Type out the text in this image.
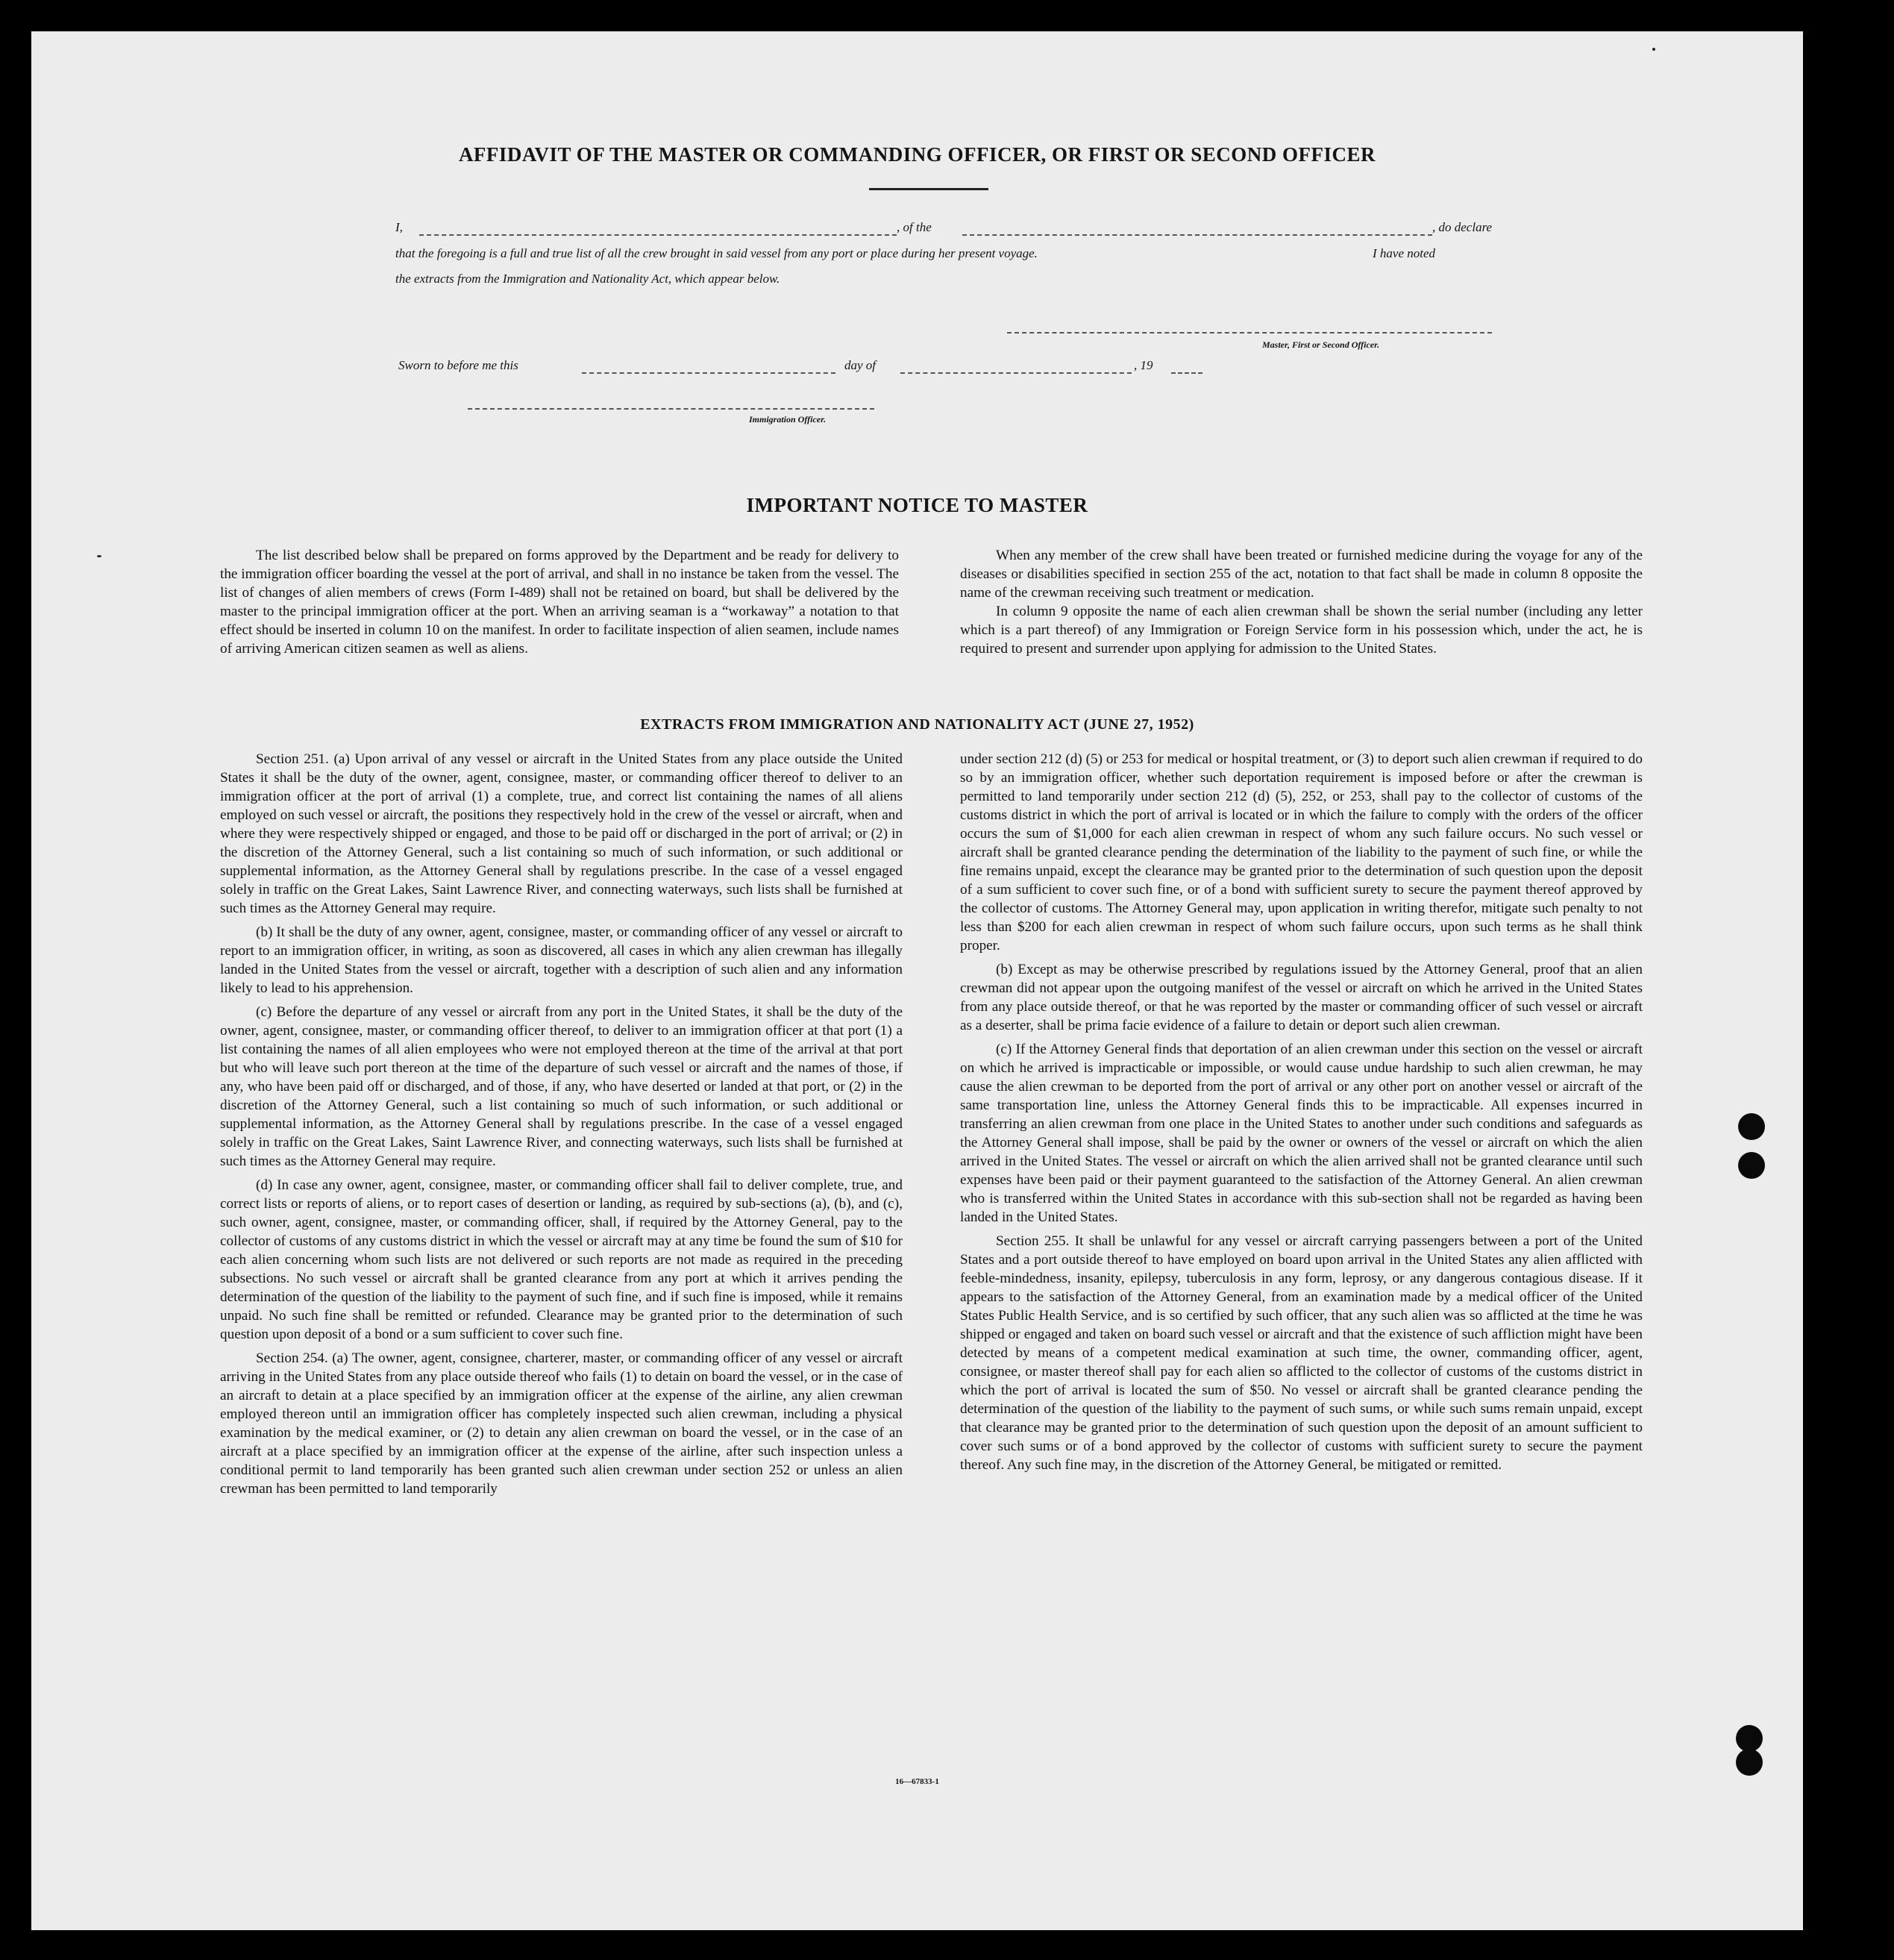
AFFIDAVIT OF THE MASTER OR COMMANDING OFFICER, OR FIRST OR SECOND OFFICER
I,	, of the	, do declare
that the foregoing is a full and true list of all the crew brought in said vessel from any port or place during her present voyage.	I have noted
the extracts from the Immigration and Nationality Act, which appear below.
Master, First or Second Officer.
Sworn to before me this	day of	, 19
Immigration Officer.
IMPORTANT NOTICE TO MASTER

The list described below shall be prepared on forms approved by the Department and be ready for delivery to the immigration officer boarding the vessel at the port of arrival, and shall in no instance be taken from the vessel. The list of changes of alien members of crews (Form I-489) shall not be retained on board, but shall be delivered by the master to the principal immigration officer at the port. When an arriving seaman is a “workaway” a notation to that effect should be inserted in column 10 on the manifest. In order to facilitate inspection of alien seamen, include names of arriving American citizen seamen as well as aliens.

When any member of the crew shall have been treated or furnished medicine during the voyage for any of the diseases or disabilities specified in section 255 of the act, notation to that fact shall be made in column 8 opposite the name of the crewman receiving such treatment or medication.

In column 9 opposite the name of each alien crewman shall be shown the serial number (including any letter which is a part thereof) of any Immigration or Foreign Service form in his possession which, under the act, he is required to present and surrender upon applying for admission to the United States.

EXTRACTS FROM IMMIGRATION AND NATIONALITY ACT (JUNE 27, 1952)

Section 251. (a) Upon arrival of any vessel or aircraft in the United States from any place outside the United States it shall be the duty of the owner, agent, consignee, master, or commanding officer thereof to deliver to an immigration officer at the port of arrival (1) a complete, true, and correct list containing the names of all aliens employed on such vessel or aircraft, the positions they respectively hold in the crew of the vessel or aircraft, when and where they were respectively shipped or engaged, and those to be paid off or discharged in the port of arrival; or (2) in the discretion of the Attorney General, such a list containing so much of such information, or such additional or supplemental information, as the Attorney General shall by regulations prescribe. In the case of a vessel engaged solely in traffic on the Great Lakes, Saint Lawrence River, and connecting waterways, such lists shall be furnished at such times as the Attorney General may require.

(b) It shall be the duty of any owner, agent, consignee, master, or commanding officer of any vessel or aircraft to report to an immigration officer, in writing, as soon as discovered, all cases in which any alien crewman has illegally landed in the United States from the vessel or aircraft, together with a description of such alien and any information likely to lead to his apprehension.

(c) Before the departure of any vessel or aircraft from any port in the United States, it shall be the duty of the owner, agent, consignee, master, or commanding officer thereof, to deliver to an immigration officer at that port (1) a list containing the names of all alien employees who were not employed thereon at the time of the arrival at that port but who will leave such port thereon at the time of the departure of such vessel or aircraft and the names of those, if any, who have been paid off or discharged, and of those, if any, who have deserted or landed at that port, or (2) in the discretion of the Attorney General, such a list containing so much of such information, or such additional or supplemental information, as the Attorney General shall by regulations prescribe. In the case of a vessel engaged solely in traffic on the Great Lakes, Saint Lawrence River, and connecting waterways, such lists shall be furnished at such times as the Attorney General may require.

(d) In case any owner, agent, consignee, master, or commanding officer shall fail to deliver complete, true, and correct lists or reports of aliens, or to report cases of desertion or landing, as required by sub-sections (a), (b), and (c), such owner, agent, consignee, master, or commanding officer, shall, if required by the Attorney General, pay to the collector of customs of any customs district in which the vessel or aircraft may at any time be found the sum of $10 for each alien concerning whom such lists are not delivered or such reports are not made as required in the preceding subsections. No such vessel or aircraft shall be granted clearance from any port at which it arrives pending the determination of the question of the liability to the payment of such fine, and if such fine is imposed, while it remains unpaid. No such fine shall be remitted or refunded. Clearance may be granted prior to the determination of such question upon deposit of a bond or a sum sufficient to cover such fine.

Section 254. (a) The owner, agent, consignee, charterer, master, or commanding officer of any vessel or aircraft arriving in the United States from any place outside thereof who fails (1) to detain on board the vessel, or in the case of an aircraft to detain at a place specified by an immigration officer at the expense of the airline, any alien crewman employed thereon until an immigration officer has completely inspected such alien crewman, including a physical examination by the medical examiner, or (2) to detain any alien crewman on board the vessel, or in the case of an aircraft at a place specified by an immigration officer at the expense of the airline, after such inspection unless a conditional permit to land temporarily has been granted such alien crewman under section 252 or unless an alien crewman has been permitted to land temporarily

under section 212 (d) (5) or 253 for medical or hospital treatment, or (3) to deport such alien crewman if required to do so by an immigration officer, whether such deportation requirement is imposed before or after the crewman is permitted to land temporarily under section 212 (d) (5), 252, or 253, shall pay to the collector of customs of the customs district in which the port of arrival is located or in which the failure to comply with the orders of the officer occurs the sum of $1,000 for each alien crewman in respect of whom any such failure occurs. No such vessel or aircraft shall be granted clearance pending the determination of the liability to the payment of such fine, or while the fine remains unpaid, except the clearance may be granted prior to the determination of such question upon the deposit of a sum sufficient to cover such fine, or of a bond with sufficient surety to secure the payment thereof approved by the collector of customs. The Attorney General may, upon application in writing therefor, mitigate such penalty to not less than $200 for each alien crewman in respect of whom such failure occurs, upon such terms as he shall think proper.

(b) Except as may be otherwise prescribed by regulations issued by the Attorney General, proof that an alien crewman did not appear upon the outgoing manifest of the vessel or aircraft on which he arrived in the United States from any place outside thereof, or that he was reported by the master or commanding officer of such vessel or aircraft as a deserter, shall be prima facie evidence of a failure to detain or deport such alien crewman.

(c) If the Attorney General finds that deportation of an alien crewman under this section on the vessel or aircraft on which he arrived is impracticable or impossible, or would cause undue hardship to such alien crewman, he may cause the alien crewman to be deported from the port of arrival or any other port on another vessel or aircraft of the same transportation line, unless the Attorney General finds this to be impracticable. All expenses incurred in transferring an alien crewman from one place in the United States to another under such conditions and safeguards as the Attorney General shall impose, shall be paid by the owner or owners of the vessel or aircraft on which the alien arrived in the United States. The vessel or aircraft on which the alien arrived shall not be granted clearance until such expenses have been paid or their payment guaranteed to the satisfaction of the Attorney General. An alien crewman who is transferred within the United States in accordance with this sub-section shall not be regarded as having been landed in the United States.

Section 255. It shall be unlawful for any vessel or aircraft carrying passengers between a port of the United States and a port outside thereof to have employed on board upon arrival in the United States any alien afflicted with feeble-mindedness, insanity, epilepsy, tuberculosis in any form, leprosy, or any dangerous contagious disease. If it appears to the satisfaction of the Attorney General, from an examination made by a medical officer of the United States Public Health Service, and is so certified by such officer, that any such alien was so afflicted at the time he was shipped or engaged and taken on board such vessel or aircraft and that the existence of such affliction might have been detected by means of a competent medical examination at such time, the owner, commanding officer, agent, consignee, or master thereof shall pay for each alien so afflicted to the collector of customs of the customs district in which the port of arrival is located the sum of $50. No vessel or aircraft shall be granted clearance pending the determination of the question of the liability to the payment of such sums, or while such sums remain unpaid, except that clearance may be granted prior to the determination of such question upon the deposit of an amount sufficient to cover such sums or of a bond approved by the collector of customs with sufficient surety to secure the payment thereof. Any such fine may, in the discretion of the Attorney General, be mitigated or remitted.

16—67833-1
